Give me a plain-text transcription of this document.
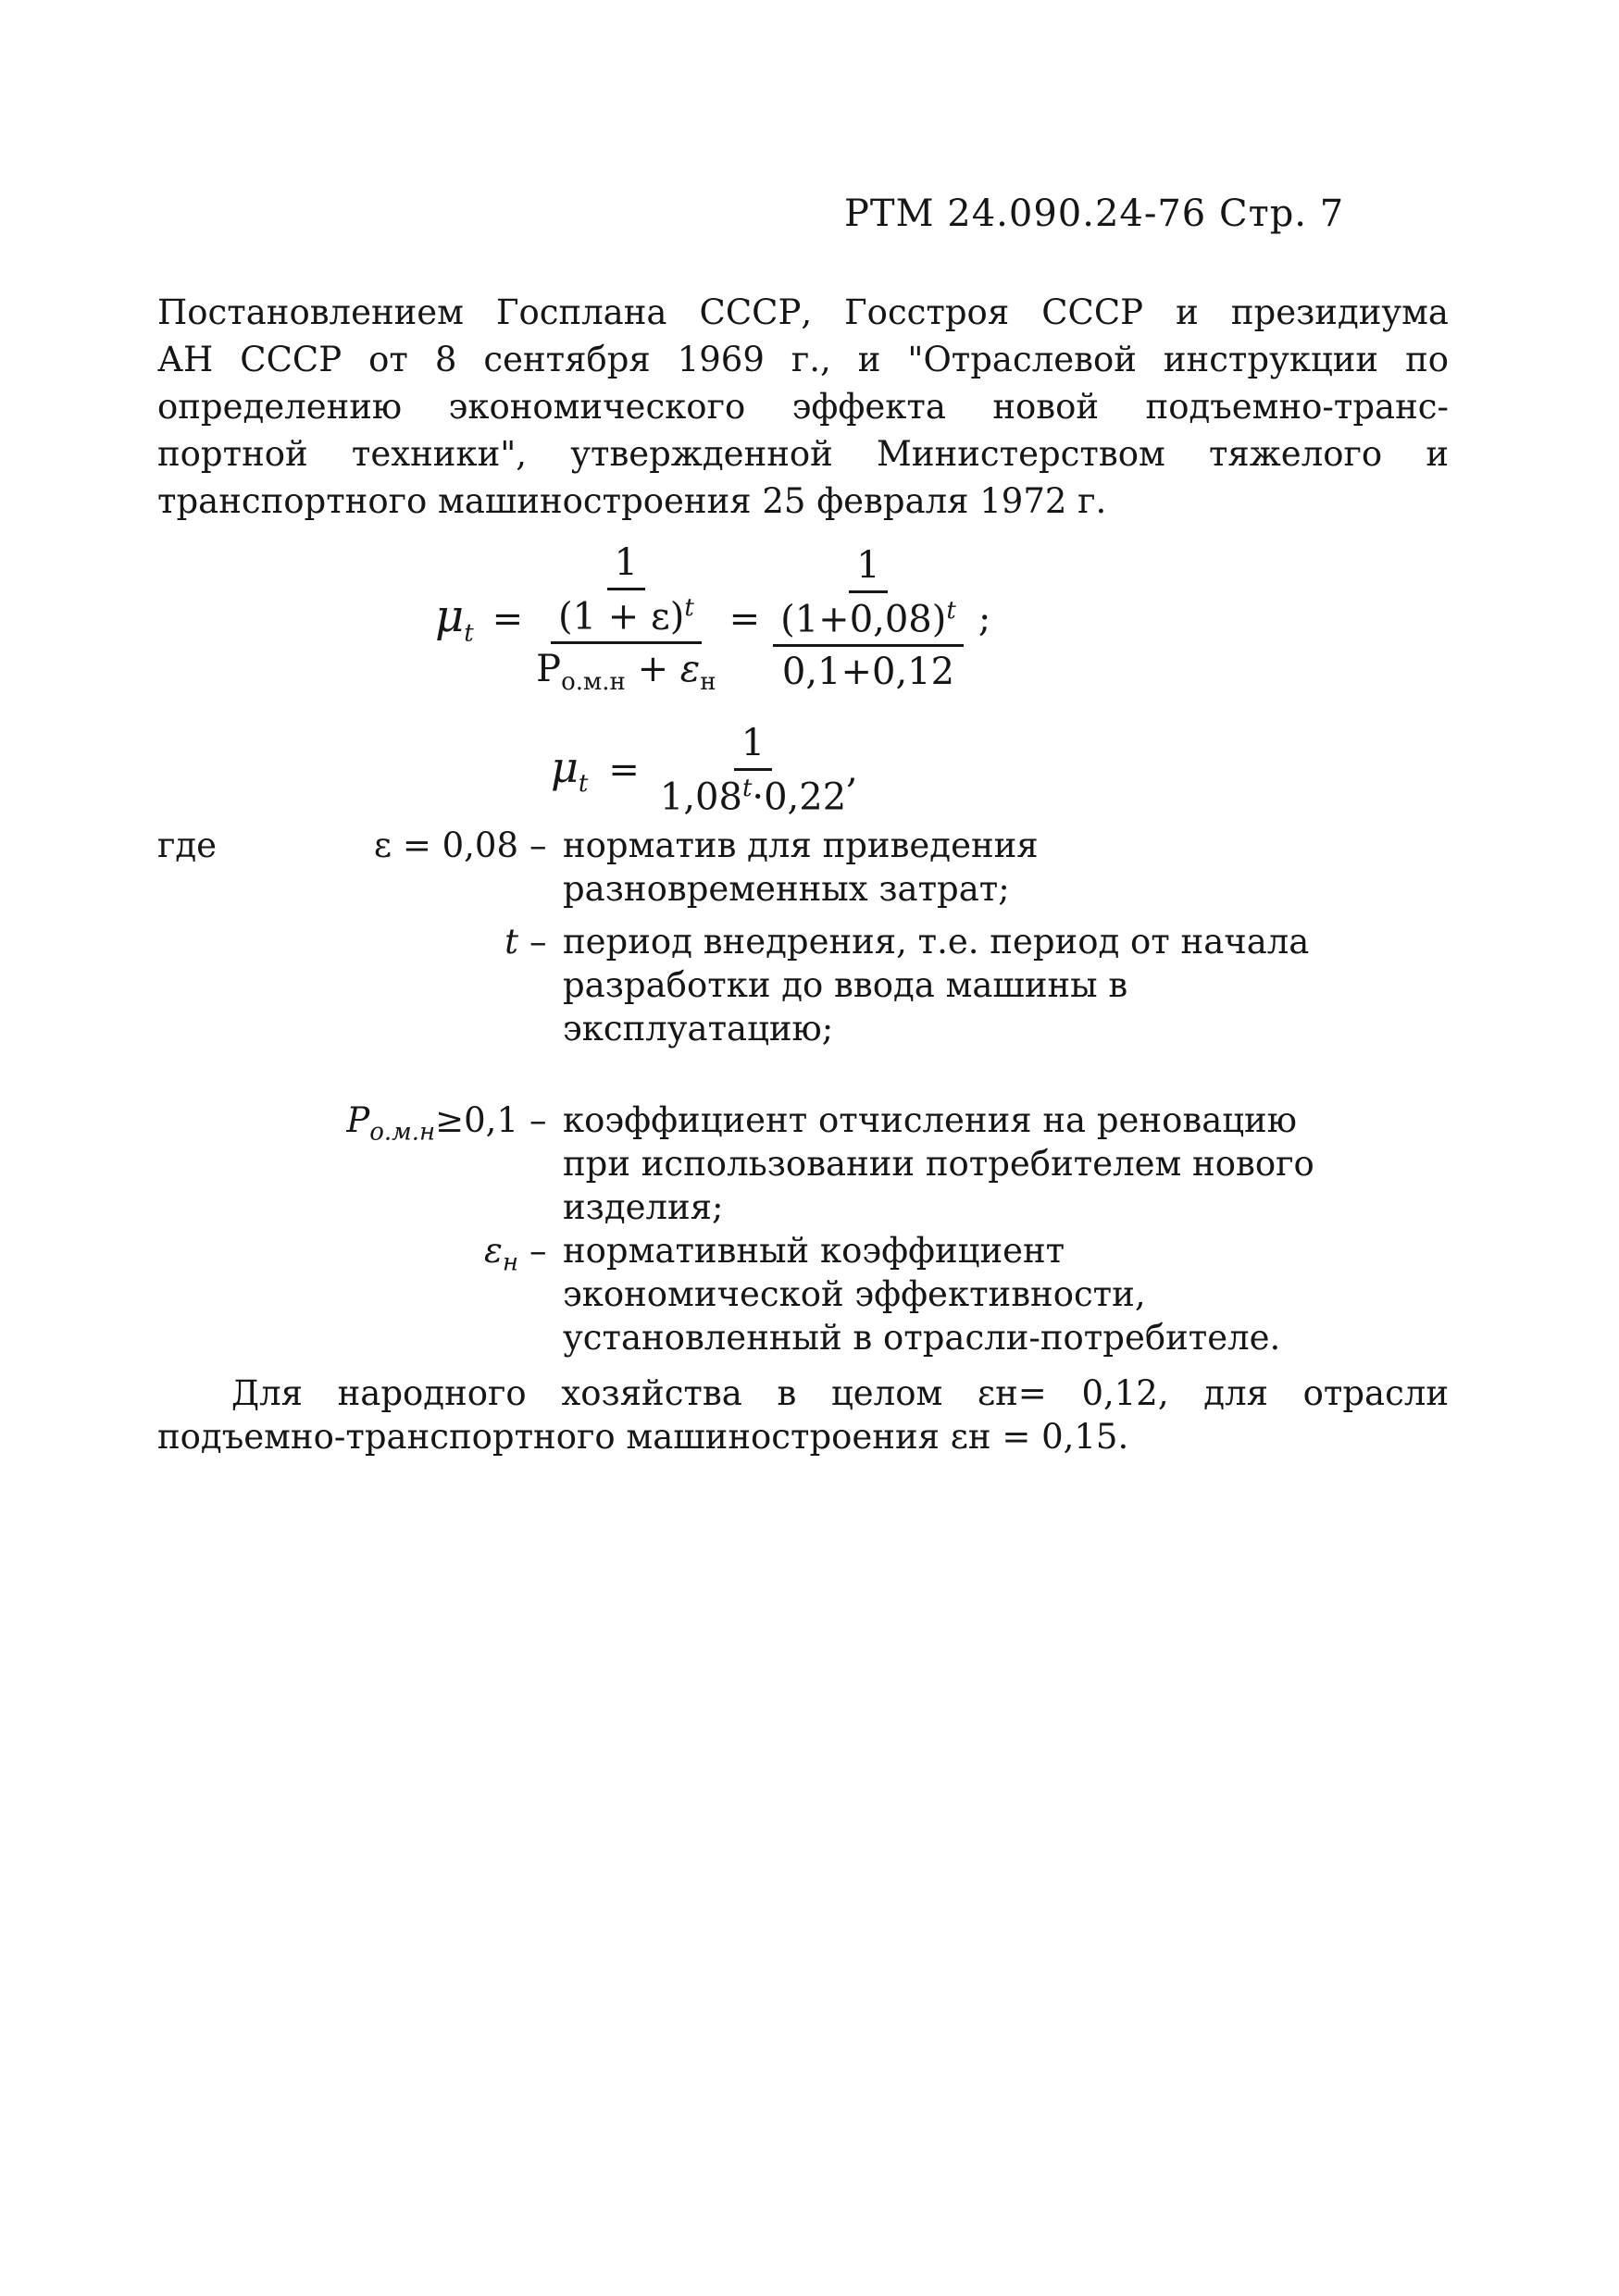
РТМ 24.090.24-76 Стр. 7
Постановлением Госплана СССР, Госстроя СССР и президиума
АН СССР от 8 сентября 1969 г., и "Отраслевой инструкции по
определению экономического эффекта новой подъемно-транс-
портной техники", утвержденной Министерством тяжелого и
транспортного машиностроения 25 февраля 1972 г.
$\mu_t = \frac{\frac{1}{(1 + \varepsilon)^t}}{P_{о.м.н} + \varepsilon_н} = \frac{\frac{1}{(1+0,08)^t}}{0,1+0,12}$ ;
$\mu_t = \frac{1}{1,08^t\cdot 0,22}$ ,
где	ε = 0,08 – норматив для приведения разновременных затрат;
t – период внедрения, т.е. период от начала разработки до ввода машины в эксплуатацию;
$P_{о.м.н}\ge 0,1$ – коэффициент отчисления на реновацию при использовании потребителем нового изделия;
$\varepsilon_н$ – нормативный коэффициент экономической эффективности, установленный в отрасли-потребителе.
Для народного хозяйства в целом εн= 0,12, для отрасли
подъемно-транспортного машиностроения εн = 0,15.
